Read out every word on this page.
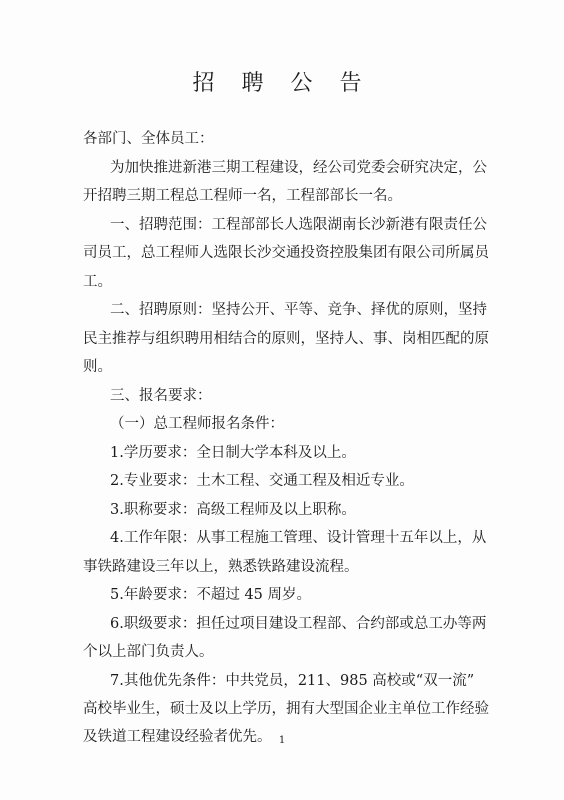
招 聘 公 告
各部门、全体员工：
为加快推进新港三期工程建设，经公司党委会研究决定，公
开招聘三期工程总工程师一名，工程部部长一名。
一、招聘范围：工程部部长人选限湖南长沙新港有限责任公
司员工，总工程师人选限长沙交通投资控股集团有限公司所属员
工。
二、招聘原则：坚持公开、平等、竞争、择优的原则，坚持
民主推荐与组织聘用相结合的原则，坚持人、事、岗相匹配的原
则。
三、报名要求：
（一）总工程师报名条件：
1.学历要求：全日制大学本科及以上。
2.专业要求：土木工程、交通工程及相近专业。
3.职称要求：高级工程师及以上职称。
4.工作年限：从事工程施工管理、设计管理十五年以上，从
事铁路建设三年以上，熟悉铁路建设流程。
5.年龄要求：不超过 45 周岁。
6.职级要求：担任过项目建设工程部、合约部或总工办等两
个以上部门负责人。
7.其他优先条件：中共党员，211、985 高校或“双一流”
高校毕业生，硕士及以上学历，拥有大型国企业主单位工作经验
及铁道工程建设经验者优先。 1
